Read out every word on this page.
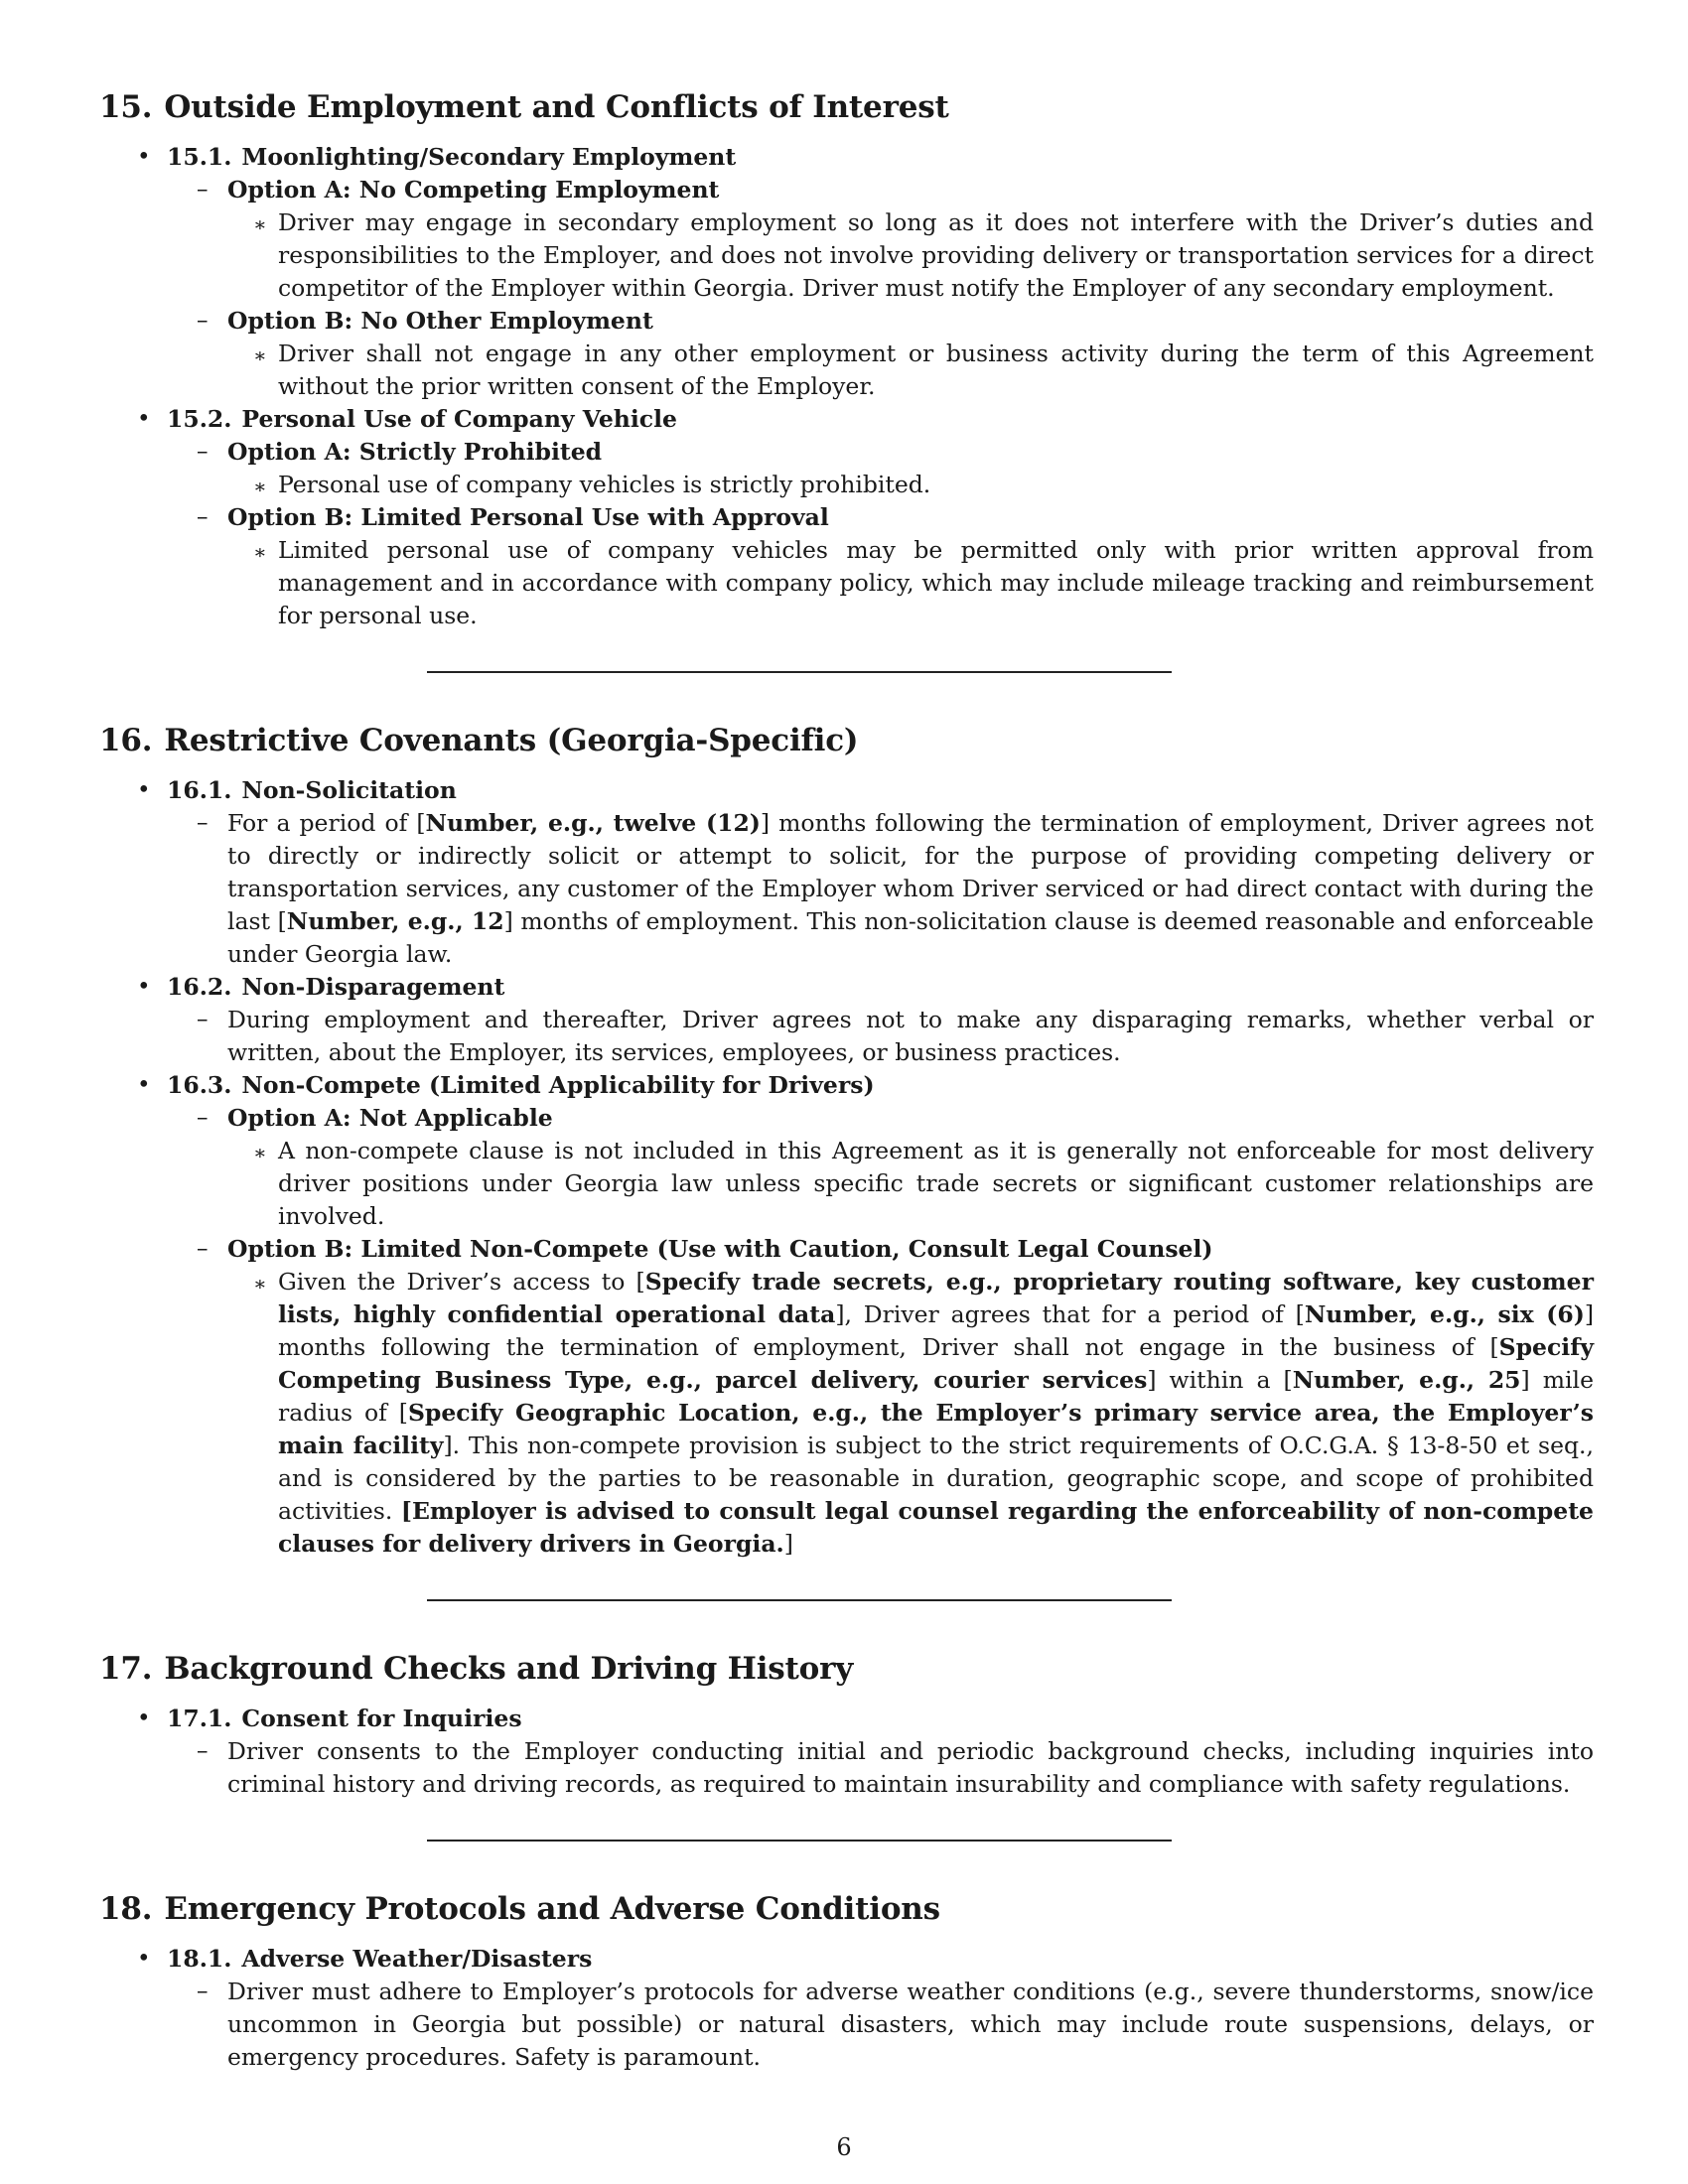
15. Outside Employment and Conflicts of Interest
• 15.1. Moonlighting/Secondary Employment
– Option A: No Competing Employment
∗ Driver may engage in secondary employment so long as it does not interfere with the Driver’s duties and responsibilities to the Employer, and does not involve providing delivery or transportation services for a direct competitor of the Employer within Georgia. Driver must notify the Employer of any secondary employment.
– Option B: No Other Employment
∗ Driver shall not engage in any other employment or business activity during the term of this Agreement without the prior written consent of the Employer.
• 15.2. Personal Use of Company Vehicle
– Option A: Strictly Prohibited
∗ Personal use of company vehicles is strictly prohibited.
– Option B: Limited Personal Use with Approval
∗ Limited personal use of company vehicles may be permitted only with prior written approval from management and in accordance with company policy, which may include mileage tracking and reimbursement for personal use.
16. Restrictive Covenants (Georgia-Specific)
• 16.1. Non-Solicitation
– For a period of [Number, e.g., twelve (12)] months following the termination of employment, Driver agrees not to directly or indirectly solicit or attempt to solicit, for the purpose of providing competing delivery or transportation services, any customer of the Employer whom Driver serviced or had direct contact with during the last [Number, e.g., 12] months of employment. This non-solicitation clause is deemed reasonable and enforceable under Georgia law.
• 16.2. Non-Disparagement
– During employment and thereafter, Driver agrees not to make any disparaging remarks, whether verbal or written, about the Employer, its services, employees, or business practices.
• 16.3. Non-Compete (Limited Applicability for Drivers)
– Option A: Not Applicable
∗ A non-compete clause is not included in this Agreement as it is generally not enforceable for most delivery driver positions under Georgia law unless specific trade secrets or significant customer relationships are involved.
– Option B: Limited Non-Compete (Use with Caution, Consult Legal Counsel)
∗ Given the Driver’s access to [Specify trade secrets, e.g., proprietary routing software, key customer lists, highly confidential operational data], Driver agrees that for a period of [Number, e.g., six (6)] months following the termination of employment, Driver shall not engage in the business of [Specify Competing Business Type, e.g., parcel delivery, courier services] within a [Number, e.g., 25] mile radius of [Specify Geographic Location, e.g., the Employer’s primary service area, the Employer’s main facility]. This non-compete provision is subject to the strict requirements of O.C.G.A. § 13-8-50 et seq., and is considered by the parties to be reasonable in duration, geographic scope, and scope of prohibited activities. [Employer is advised to consult legal counsel regarding the enforceability of non-compete clauses for delivery drivers in Georgia.]
17. Background Checks and Driving History
• 17.1. Consent for Inquiries
– Driver consents to the Employer conducting initial and periodic background checks, including inquiries into criminal history and driving records, as required to maintain insurability and compliance with safety regulations.
18. Emergency Protocols and Adverse Conditions
• 18.1. Adverse Weather/Disasters
– Driver must adhere to Employer’s protocols for adverse weather conditions (e.g., severe thunderstorms, snow/ice uncommon in Georgia but possible) or natural disasters, which may include route suspensions, delays, or emergency procedures. Safety is paramount.
6
